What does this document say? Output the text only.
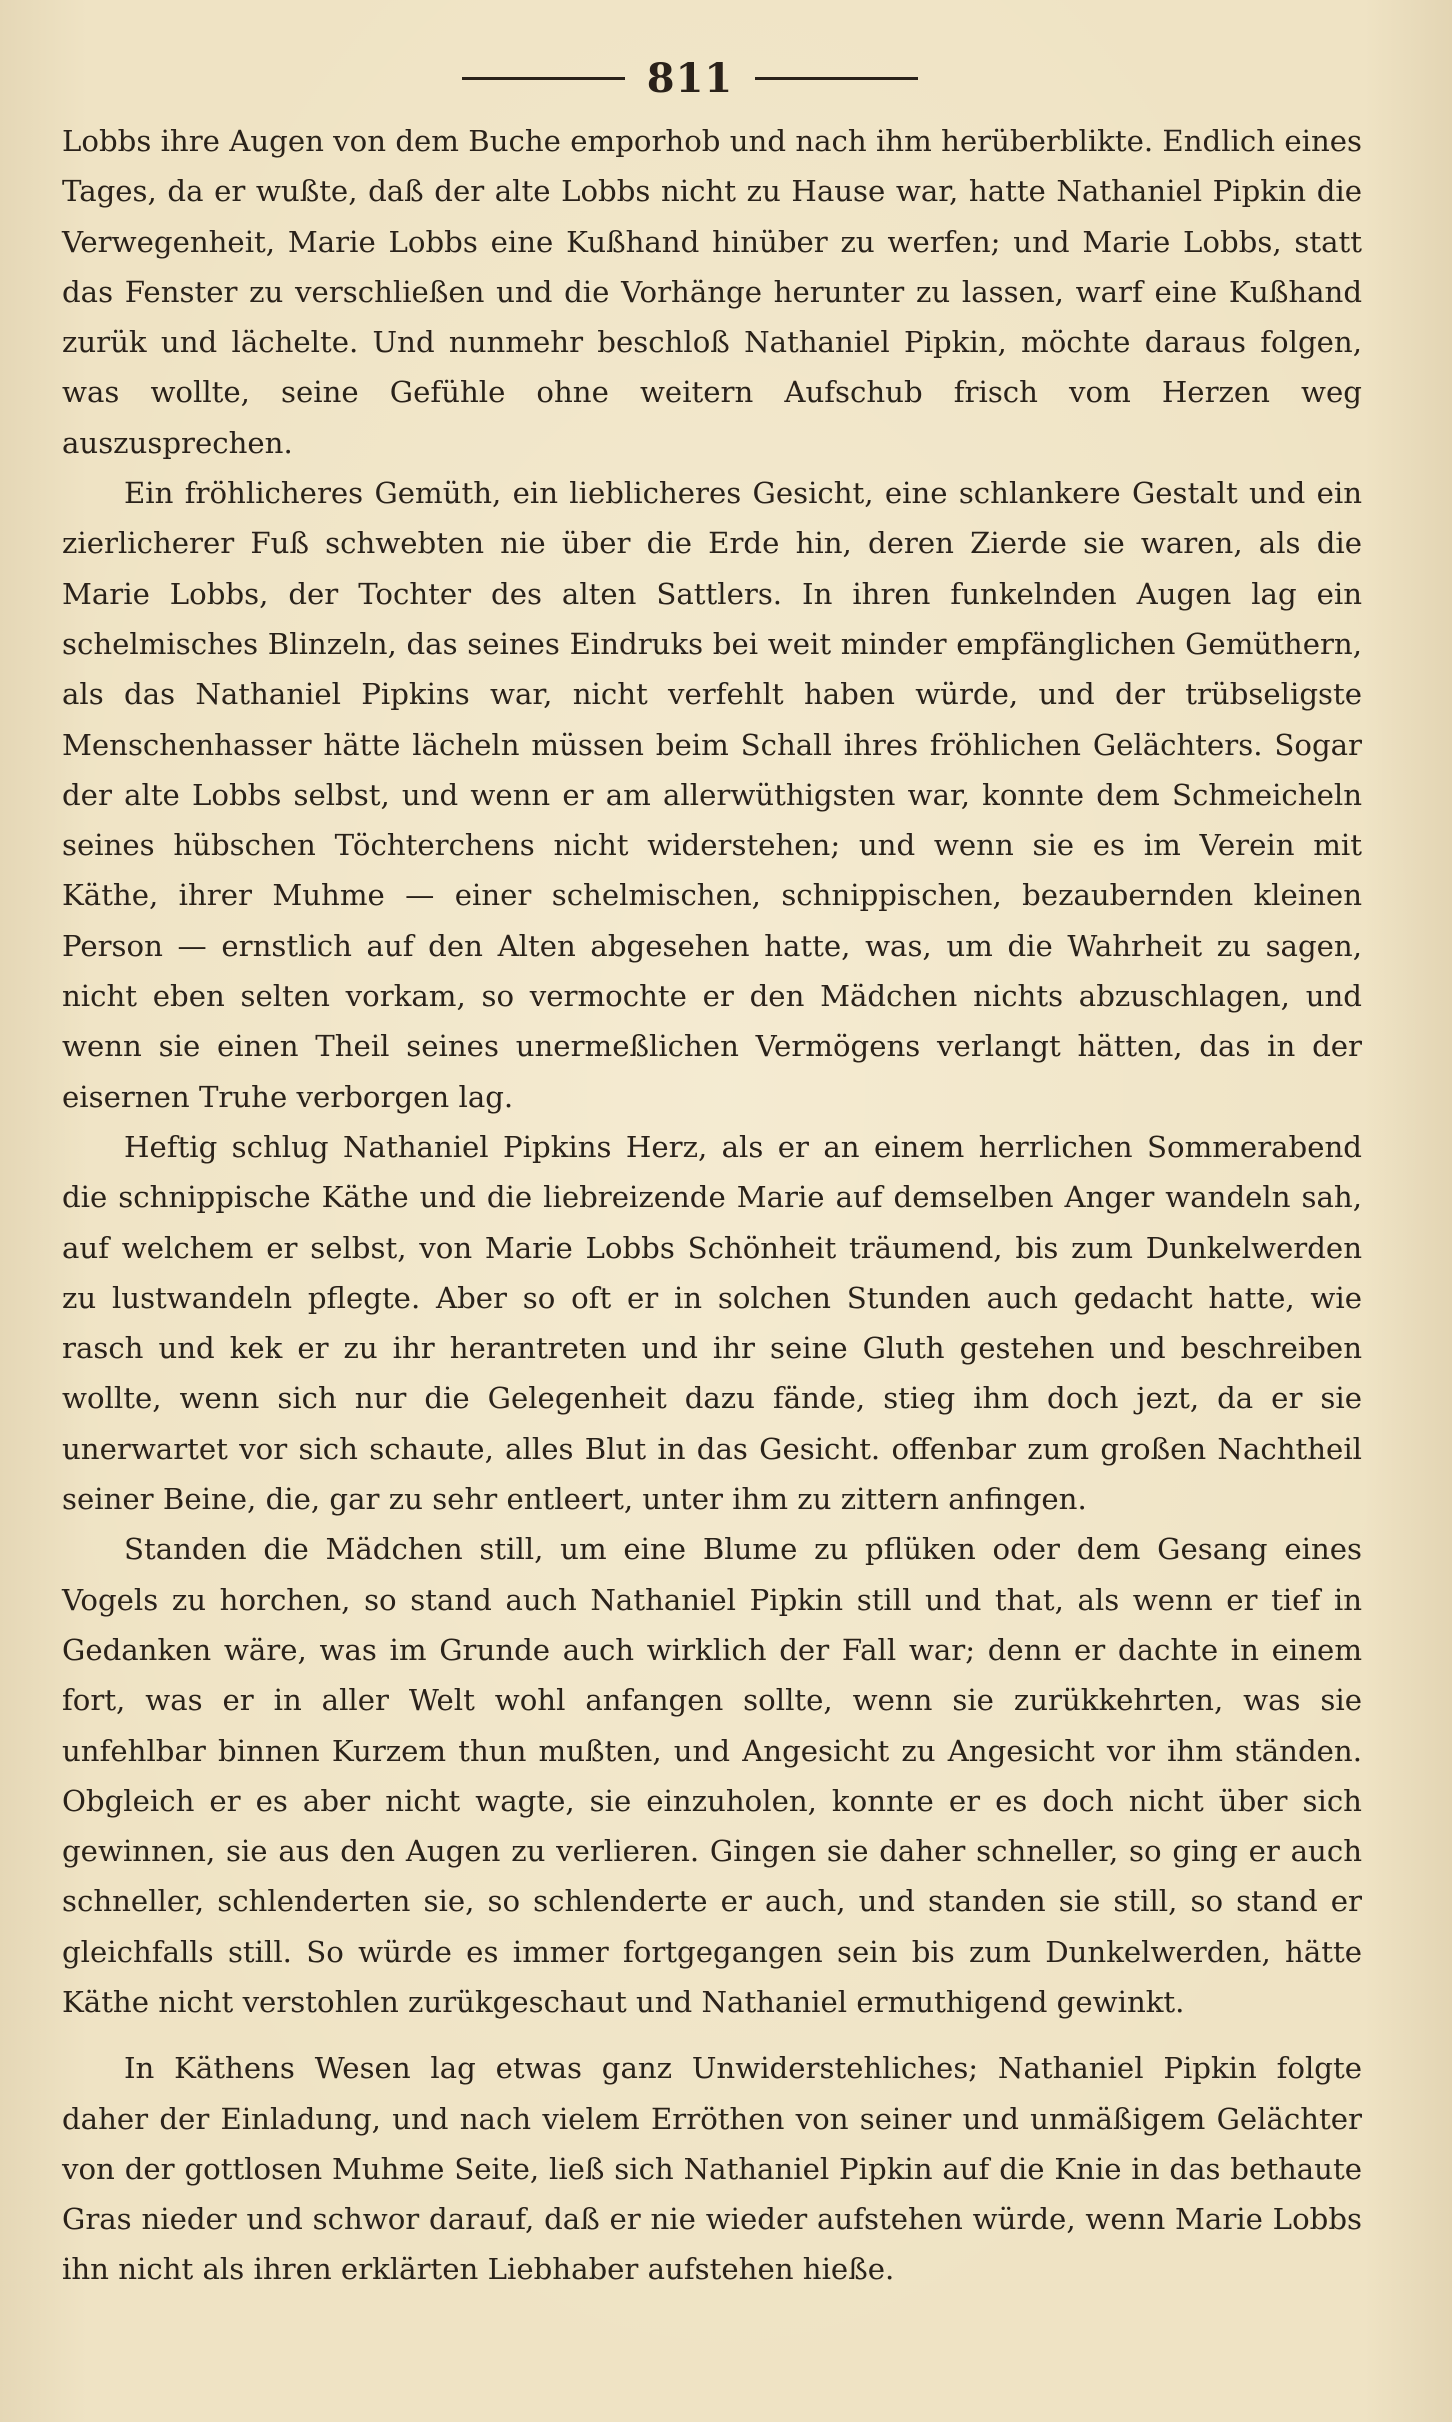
811

Lobbs ihre Augen von dem Buche emporhob und nach ihm herüberblikte. Endlich eines Tages, da er wußte, daß der alte Lobbs nicht zu Hause war, hatte Nathaniel Pipkin die Verwegenheit, Marie Lobbs eine Kußhand hinüber zu werfen; und Marie Lobbs, statt das Fenster zu verschließen und die Vorhänge herunter zu lassen, warf eine Kußhand zurük und lächelte. Und nunmehr beschloß Nathaniel Pipkin, möchte daraus folgen, was wollte, seine Gefühle ohne weitern Aufschub frisch vom Herzen weg auszusprechen.

Ein fröhlicheres Gemüth, ein lieblicheres Gesicht, eine schlankere Gestalt und ein zierlicherer Fuß schwebten nie über die Erde hin, deren Zierde sie waren, als die Marie Lobbs, der Tochter des alten Sattlers. In ihren funkelnden Augen lag ein schelmisches Blinzeln, das seines Eindruks bei weit minder empfänglichen Gemüthern, als das Nathaniel Pipkins war, nicht verfehlt haben würde, und der trübseligste Menschenhasser hätte lächeln müssen beim Schall ihres fröhlichen Gelächters. Sogar der alte Lobbs selbst, und wenn er am allerwüthigsten war, konnte dem Schmeicheln seines hübschen Töchterchens nicht widerstehen; und wenn sie es im Verein mit Käthe, ihrer Muhme — einer schelmischen, schnippischen, bezaubernden kleinen Person — ernstlich auf den Alten abgesehen hatte, was, um die Wahrheit zu sagen, nicht eben selten vorkam, so vermochte er den Mädchen nichts abzuschlagen, und wenn sie einen Theil seines unermeßlichen Vermögens verlangt hätten, das in der eisernen Truhe verborgen lag.

Heftig schlug Nathaniel Pipkins Herz, als er an einem herrlichen Sommerabend die schnippische Käthe und die liebreizende Marie auf demselben Anger wandeln sah, auf welchem er selbst, von Marie Lobbs Schönheit träumend, bis zum Dunkelwerden zu lustwandeln pflegte. Aber so oft er in solchen Stunden auch gedacht hatte, wie rasch und kek er zu ihr herantreten und ihr seine Gluth gestehen und beschreiben wollte, wenn sich nur die Gelegenheit dazu fände, stieg ihm doch jezt, da er sie unerwartet vor sich schaute, alles Blut in das Gesicht. offenbar zum großen Nachtheil seiner Beine, die, gar zu sehr entleert, unter ihm zu zittern anfingen.

Standen die Mädchen still, um eine Blume zu pflüken oder dem Gesang eines Vogels zu horchen, so stand auch Nathaniel Pipkin still und that, als wenn er tief in Gedanken wäre, was im Grunde auch wirklich der Fall war; denn er dachte in einem fort, was er in aller Welt wohl anfangen sollte, wenn sie zurükkehrten, was sie unfehlbar binnen Kurzem thun mußten, und Angesicht zu Angesicht vor ihm ständen. Obgleich er es aber nicht wagte, sie einzuholen, konnte er es doch nicht über sich gewinnen, sie aus den Augen zu verlieren. Gingen sie daher schneller, so ging er auch schneller, schlenderten sie, so schlenderte er auch, und standen sie still, so stand er gleichfalls still. So würde es immer fortgegangen sein bis zum Dunkelwerden, hätte Käthe nicht verstohlen zurükgeschaut und Nathaniel ermuthigend gewinkt.

In Käthens Wesen lag etwas ganz Unwiderstehliches; Nathaniel Pipkin folgte daher der Einladung, und nach vielem Erröthen von seiner und unmäßigem Gelächter von der gottlosen Muhme Seite, ließ sich Nathaniel Pipkin auf die Knie in das bethaute Gras nieder und schwor darauf, daß er nie wieder aufstehen würde, wenn Marie Lobbs ihn nicht als ihren erklärten Liebhaber aufstehen hieße.
